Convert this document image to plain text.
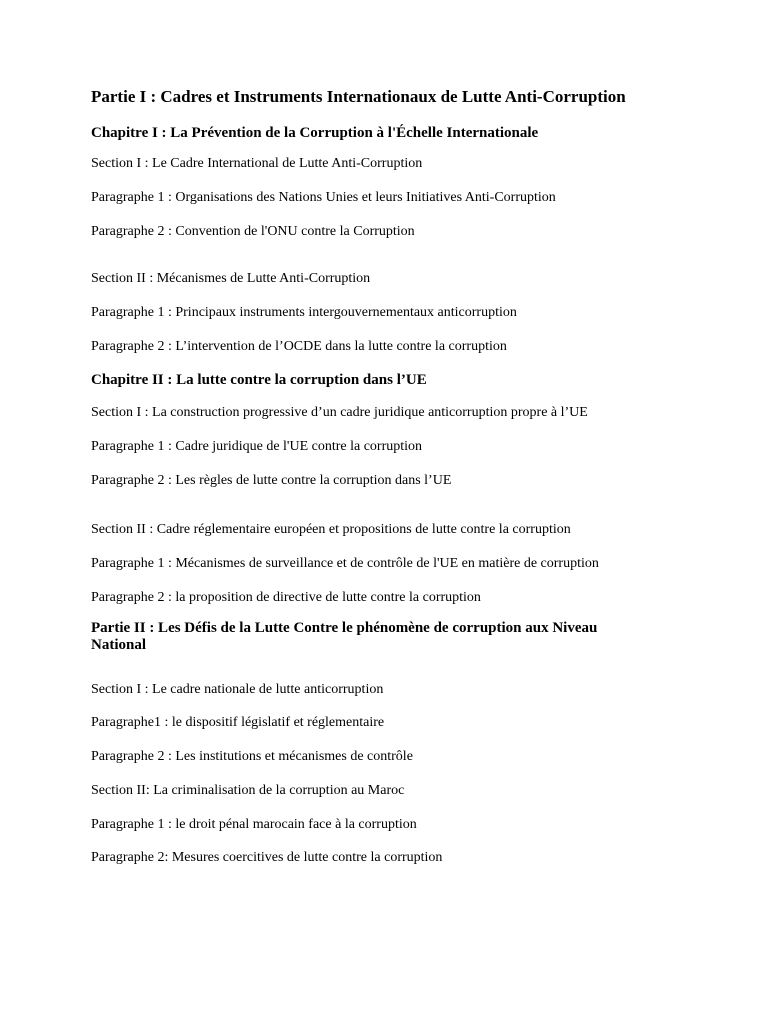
Partie I : Cadres et Instruments Internationaux de Lutte Anti-Corruption
Chapitre I : La Prévention de la Corruption à l'Échelle Internationale
Section I : Le Cadre International de Lutte Anti-Corruption
Paragraphe 1 : Organisations des Nations Unies et leurs Initiatives Anti-Corruption
Paragraphe 2 : Convention de l'ONU contre la Corruption
Section II : Mécanismes de Lutte Anti-Corruption
Paragraphe 1 : Principaux instruments intergouvernementaux anticorruption
Paragraphe 2 : L’intervention de l’OCDE dans la lutte contre la corruption
Chapitre II : La lutte contre la corruption dans l’UE
Section I : La construction progressive d’un cadre juridique anticorruption propre à l’UE
Paragraphe 1 : Cadre juridique de l'UE contre la corruption
Paragraphe 2 : Les règles de lutte contre la corruption dans l’UE
Section II : Cadre réglementaire européen et propositions de lutte contre la corruption
Paragraphe 1 : Mécanismes de surveillance et de contrôle de l'UE en matière de corruption
Paragraphe 2 : la proposition de directive de lutte contre la corruption
Partie II : Les Défis de la Lutte Contre le phénomène de corruption aux Niveau National
Section I : Le cadre nationale de lutte anticorruption
Paragraphe1 : le dispositif législatif et réglementaire
Paragraphe 2 : Les institutions et mécanismes de contrôle
Section II: La criminalisation de la corruption au Maroc
Paragraphe 1 : le droit pénal marocain face à la corruption
Paragraphe 2: Mesures coercitives de lutte contre la corruption
